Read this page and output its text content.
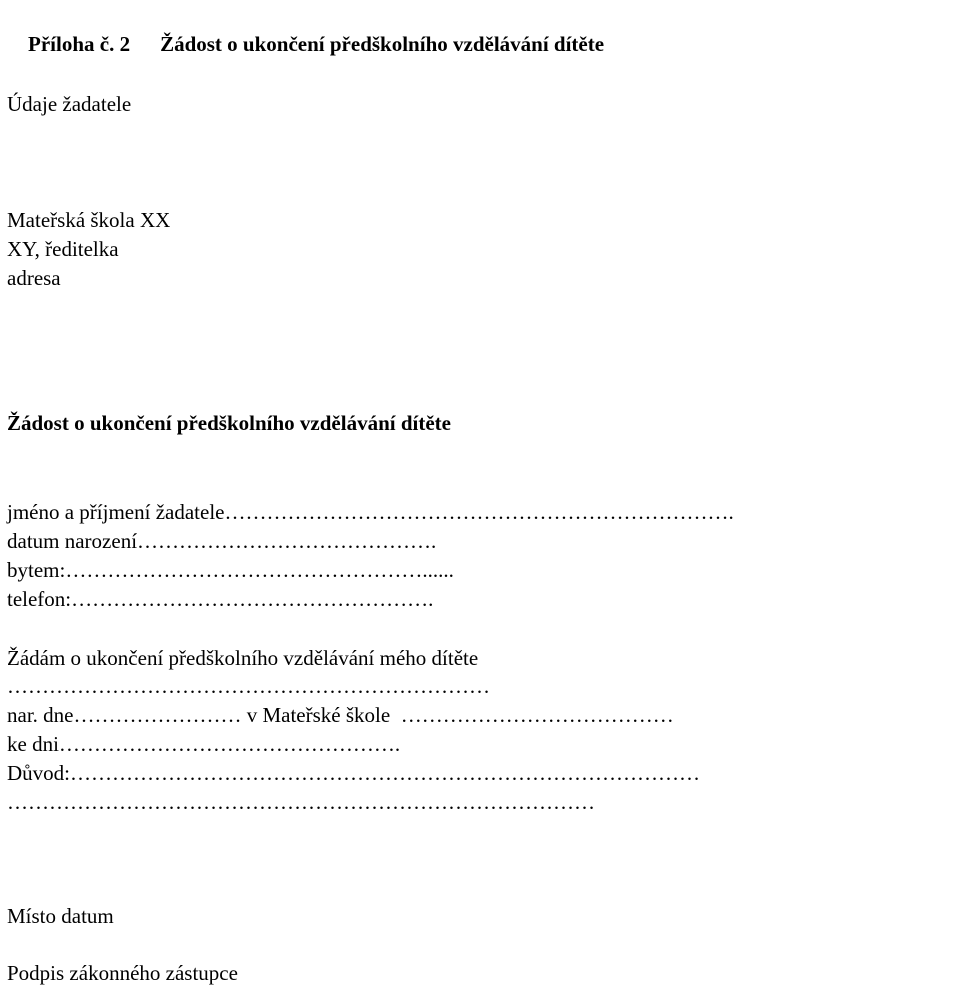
Příloha č. 2 Žádost o ukončení předškolního vzdělávání dítěte

Údaje žadatele
Mateřská škola XX
XY, ředitelka
adresa
Žádost o ukončení předškolního vzdělávání dítěte
jméno a příjmení žadatele……………………………………………………………….
datum narození…………………………………….
bytem:……………………………………………......
telefon:…………………………………………….
Žádám o ukončení předškolního vzdělávání mého dítěte
……………………………………………………………
nar. dne…………………… v Mateřské škole  …………………………………
ke dni………………………………………….
Důvod:………………………………………………………………………………
…………………………………………………………………………
Místo datum
Podpis zákonného zástupce
